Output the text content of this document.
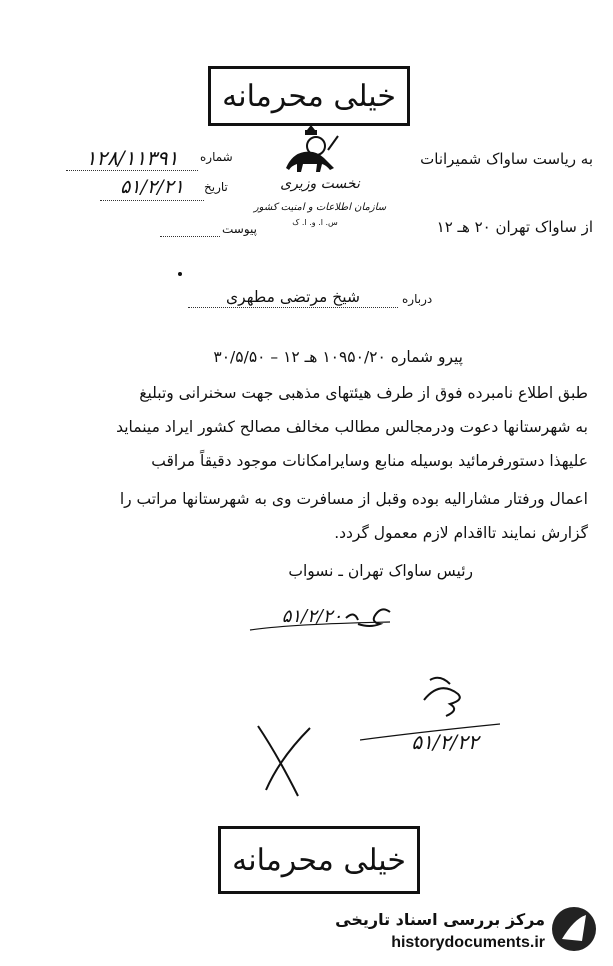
خیلی محرمانه
نخست وزیری
سازمان اطلاعات و امنیت کشور
س. ا. و. ا. ک
به ریاست ساواک شمیرانات
از ساواک تهران ۲۰ هـ ۱۲
شماره
۱۲۸/۱۱۳۹۱
تاریخ
۵۱/۲/۲۱
پیوست
درباره
شیخ مرتضی مطهری
پیرو شماره ۱۰۹۵۰/۲۰ هـ ۱۲ – ۳۰/۵/۵۰
طبق اطلاع نامبرده فوق از طرف هیئتهای مذهبی جهت سخنرانی وتبلیغ
به شهرستانها دعوت ودرمجالس مطالب مخالف مصالح کشور ایراد مینماید
علیهذا دستورفرمائید بوسیله منابع وسایرامکانات موجود دقیقاً مراقب
اعمال ورفتار مشارالیه بوده وقبل از مسافرت وی به شهرستانها مراتب را
گزارش نمایند تااقدام لازم معمول گردد.
رئیس ساواک تهران ـ نسواب
۵۱/۲/۲۰
۵۱/۲/۲۲
خیلی محرمانه
مرکز بررسی اسناد تاریخی
historydocuments.ir
